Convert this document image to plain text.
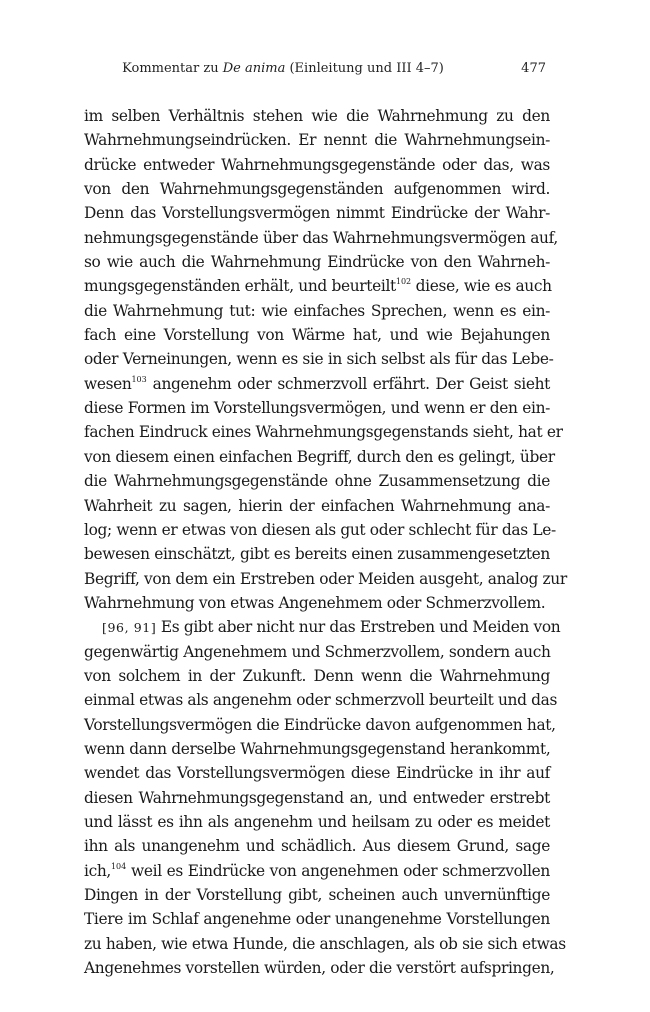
Kommentar zu De anima (Einleitung und III 4–7)	477
im selben Verhältnis stehen wie die Wahrnehmung zu den
Wahrnehmungseindrücken. Er nennt die Wahrnehmungsein-
drücke entweder Wahrnehmungsgegenstände oder das, was
von den Wahrnehmungsgegenständen aufgenommen wird.
Denn das Vorstellungsvermögen nimmt Eindrücke der Wahr-
nehmungsgegenstände über das Wahrnehmungsvermögen auf,
so wie auch die Wahrnehmung Eindrücke von den Wahrneh-
mungsgegenständen erhält, und beurteilt$^{102}$ diese, wie es auch
die Wahrnehmung tut: wie einfaches Sprechen, wenn es ein-
fach eine Vorstellung von Wärme hat, und wie Bejahungen
oder Verneinungen, wenn es sie in sich selbst als für das Lebe-
wesen$^{103}$ angenehm oder schmerzvoll erfährt. Der Geist sieht
diese Formen im Vorstellungsvermögen, und wenn er den ein-
fachen Eindruck eines Wahrnehmungsgegenstands sieht, hat er
von diesem einen einfachen Begriff, durch den es gelingt, über
die Wahrnehmungsgegenstände ohne Zusammensetzung die
Wahrheit zu sagen, hierin der einfachen Wahrnehmung ana-
log; wenn er etwas von diesen als gut oder schlecht für das Le-
bewesen einschätzt, gibt es bereits einen zusammengesetzten
Begriff, von dem ein Erstreben oder Meiden ausgeht, analog zur
Wahrnehmung von etwas Angenehmem oder Schmerzvollem.
[96, 91] Es gibt aber nicht nur das Erstreben und Meiden von
gegenwärtig Angenehmem und Schmerzvollem, sondern auch
von solchem in der Zukunft. Denn wenn die Wahrnehmung
einmal etwas als angenehm oder schmerzvoll beurteilt und das
Vorstellungsvermögen die Eindrücke davon aufgenommen hat,
wenn dann derselbe Wahrnehmungsgegenstand herankommt,
wendet das Vorstellungsvermögen diese Eindrücke in ihr auf
diesen Wahrnehmungsgegenstand an, und entweder erstrebt
und lässt es ihn als angenehm und heilsam zu oder es meidet
ihn als unangenehm und schädlich. Aus diesem Grund, sage
ich,$^{104}$ weil es Eindrücke von angenehmen oder schmerzvollen
Dingen in der Vorstellung gibt, scheinen auch unvernünftige
Tiere im Schlaf angenehme oder unangenehme Vorstellungen
zu haben, wie etwa Hunde, die anschlagen, als ob sie sich etwas
Angenehmes vorstellen würden, oder die verstört aufspringen,
